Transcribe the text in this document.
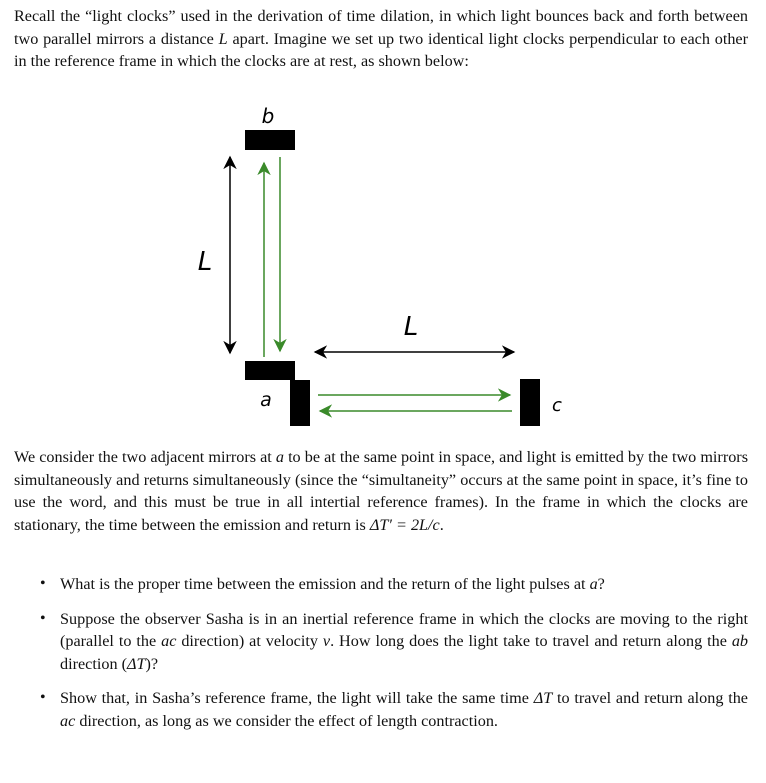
Recall the “light clocks” used in the derivation of time dilation, in which light bounces back and forth between two parallel mirrors a distance L apart. Imagine we set up two identical light clocks perpendicular to each other in the reference frame in which the clocks are at rest, as shown below:

b
L
a
L
c

We consider the two adjacent mirrors at a to be at the same point in space, and light is emitted by the two mirrors simultaneously and returns simultaneously (since the “simultaneity” occurs at the same point in space, it’s fine to use the word, and this must be true in all intertial reference frames). In the frame in which the clocks are stationary, the time between the emission and return is ΔT′ = 2L/c.

• What is the proper time between the emission and the return of the light pulses at a?
• Suppose the observer Sasha is in an inertial reference frame in which the clocks are moving to the right (parallel to the ac direction) at velocity v. How long does the light take to travel and return along the ab direction (ΔT)?
• Show that, in Sasha’s reference frame, the light will take the same time ΔT to travel and return along the ac direction, as long as we consider the effect of length contraction.
